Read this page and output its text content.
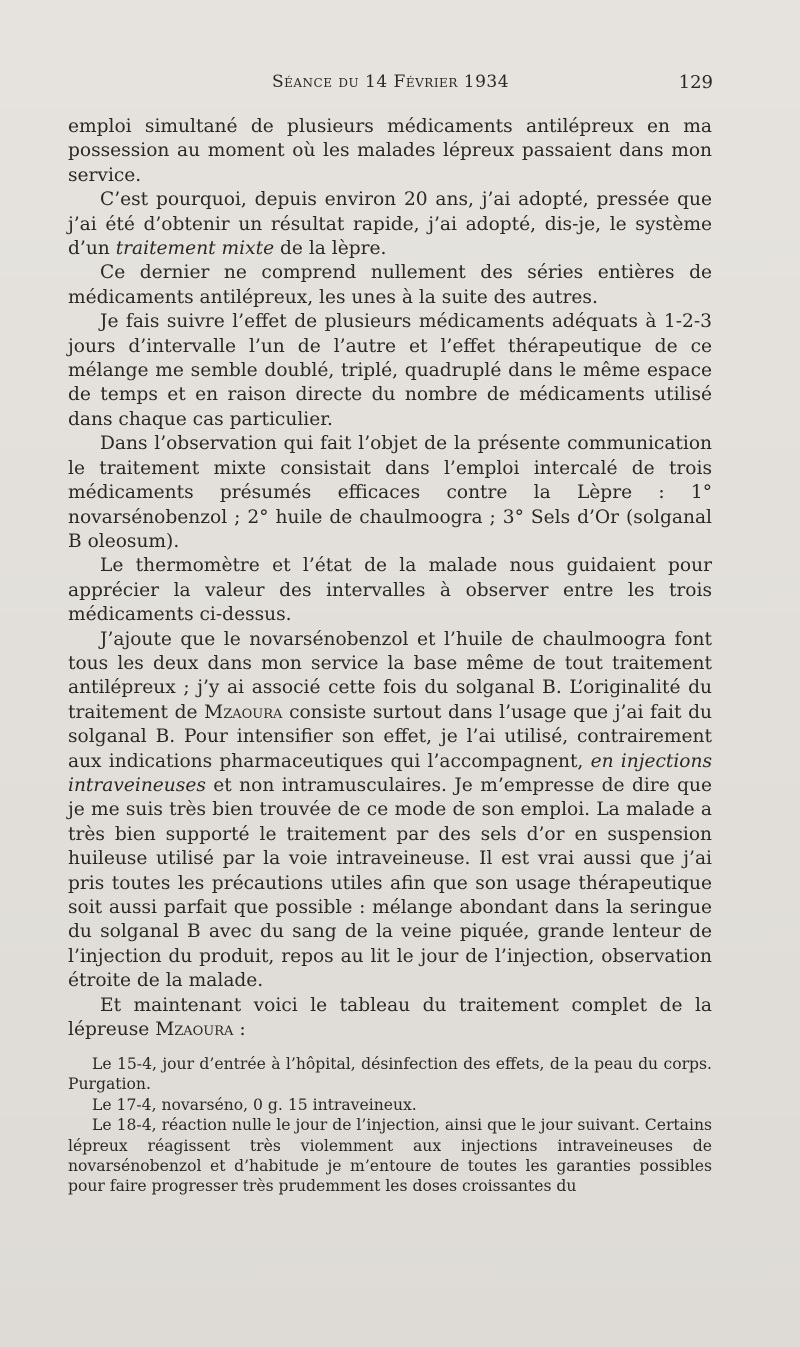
Séance du 14 Février 1934	129

emploi simultané de plusieurs médicaments antilépreux en ma possession au moment où les malades lépreux passaient dans mon service.

C’est pourquoi, depuis environ 20 ans, j’ai adopté, pressée que j’ai été d’obtenir un résultat rapide, j’ai adopté, dis-je, le système d’un traitement mixte de la lèpre.

Ce dernier ne comprend nullement des séries entières de médicaments antilépreux, les unes à la suite des autres.

Je fais suivre l’effet de plusieurs médicaments adéquats à 1-2-3 jours d’intervalle l’un de l’autre et l’effet thérapeutique de ce mélange me semble doublé, triplé, quadruplé dans le même espace de temps et en raison directe du nombre de médicaments utilisé dans chaque cas particulier.

Dans l’observation qui fait l’objet de la présente communication le traitement mixte consistait dans l’emploi intercalé de trois médicaments présumés efficaces contre la Lèpre : 1° novarsénobenzol ; 2° huile de chaulmoogra ; 3° Sels d’Or (solganal B oleosum).

Le thermomètre et l’état de la malade nous guidaient pour apprécier la valeur des intervalles à observer entre les trois médicaments ci-dessus.

J’ajoute que le novarsénobenzol et l’huile de chaulmoogra font tous les deux dans mon service la base même de tout traitement antilépreux ; j’y ai associé cette fois du solganal B. L’originalité du traitement de Mzaoura consiste surtout dans l’usage que j’ai fait du solganal B. Pour intensifier son effet, je l’ai utilisé, contrairement aux indications pharmaceutiques qui l’accompagnent, en injections intraveineuses et non intramusculaires. Je m’empresse de dire que je me suis très bien trouvée de ce mode de son emploi. La malade a très bien supporté le traitement par des sels d’or en suspension huileuse utilisé par la voie intraveineuse. Il est vrai aussi que j’ai pris toutes les précautions utiles afin que son usage thérapeutique soit aussi parfait que possible : mélange abondant dans la seringue du solganal B avec du sang de la veine piquée, grande lenteur de l’injection du produit, repos au lit le jour de l’injection, observation étroite de la malade.

Et maintenant voici le tableau du traitement complet de la lépreuse Mzaoura :

Le 15-4, jour d’entrée à l’hôpital, désinfection des effets, de la peau du corps. Purgation.

Le 17-4, novarséno, 0 g. 15 intraveineux.

Le 18-4, réaction nulle le jour de l’injection, ainsi que le jour suivant. Certains lépreux réagissent très violemment aux injections intraveineuses de novarsénobenzol et d’habitude je m’entoure de toutes les garanties possibles pour faire progresser très prudemment les doses croissantes du
